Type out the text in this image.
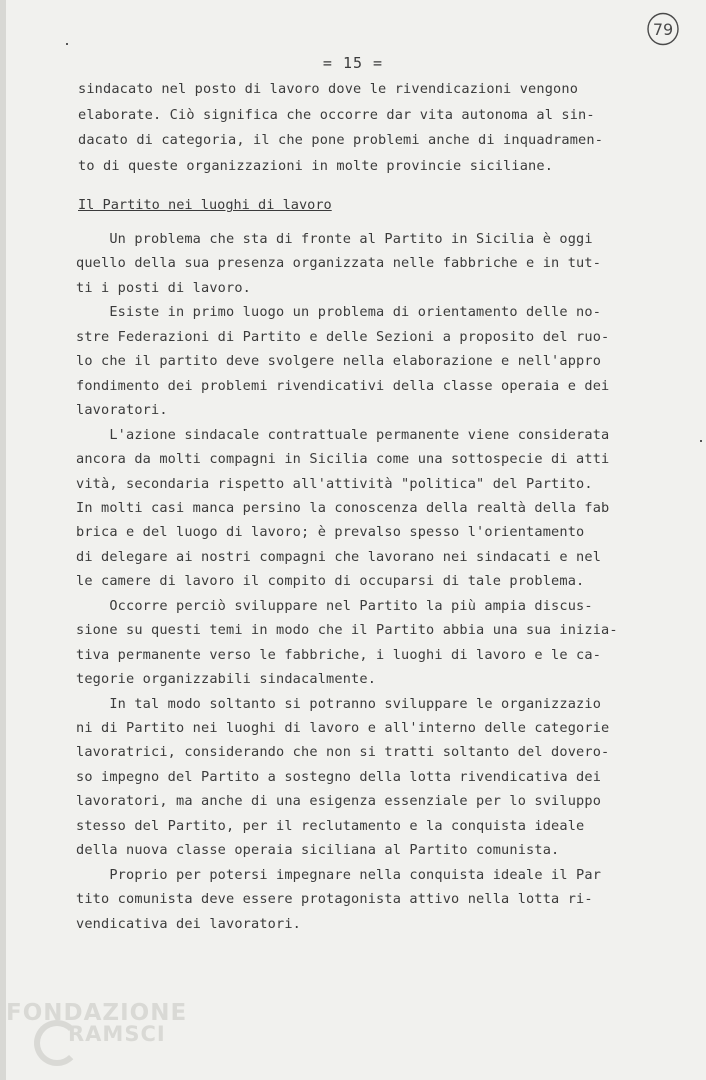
= 15 =
79
sindacato nel posto di lavoro dove le rivendicazioni vengono
elaborate. Ciò significa che occorre dar vita autonoma al sin-
dacato di categoria, il che pone problemi anche di inquadramen-
to di queste organizzazioni in molte provincie siciliane.
Il Partito nei luoghi di lavoro
Un problema che sta di fronte al Partito in Sicilia è oggi
quello della sua presenza organizzata nelle fabbriche e in tut-
ti i posti di lavoro.
Esiste in primo luogo un problema di orientamento delle no-
stre Federazioni di Partito e delle Sezioni a proposito del ruo-
lo che il partito deve svolgere nella elaborazione e nell'appro
fondimento dei problemi rivendicativi della classe operaia e dei
lavoratori.
L'azione sindacale contrattuale permanente viene considerata
ancora da molti compagni in Sicilia come una sottospecie di atti
vità, secondaria rispetto all'attività "politica" del Partito.
In molti casi manca persino la conoscenza della realtà della fab
brica e del luogo di lavoro; è prevalso spesso l'orientamento
di delegare ai nostri compagni che lavorano nei sindacati e nel
le camere di lavoro il compito di occuparsi di tale problema.
Occorre perciò sviluppare nel Partito la più ampia discus-
sione su questi temi in modo che il Partito abbia una sua inizia-
tiva permanente verso le fabbriche, i luoghi di lavoro e le ca-
tegorie organizzabili sindacalmente.
In tal modo soltanto si potranno sviluppare le organizzazio
ni di Partito nei luoghi di lavoro e all'interno delle categorie
lavoratrici, considerando che non si tratti soltanto del dovero-
so impegno del Partito a sostegno della lotta rivendicativa dei
lavoratori, ma anche di una esigenza essenziale per lo sviluppo
stesso del Partito, per il reclutamento e la conquista ideale
della nuova classe operaia siciliana al Partito comunista.
Proprio per potersi impegnare nella conquista ideale il Par
tito comunista deve essere protagonista attivo nella lotta ri-
vendicativa dei lavoratori.
FONDAZIONE
RAMSCI
